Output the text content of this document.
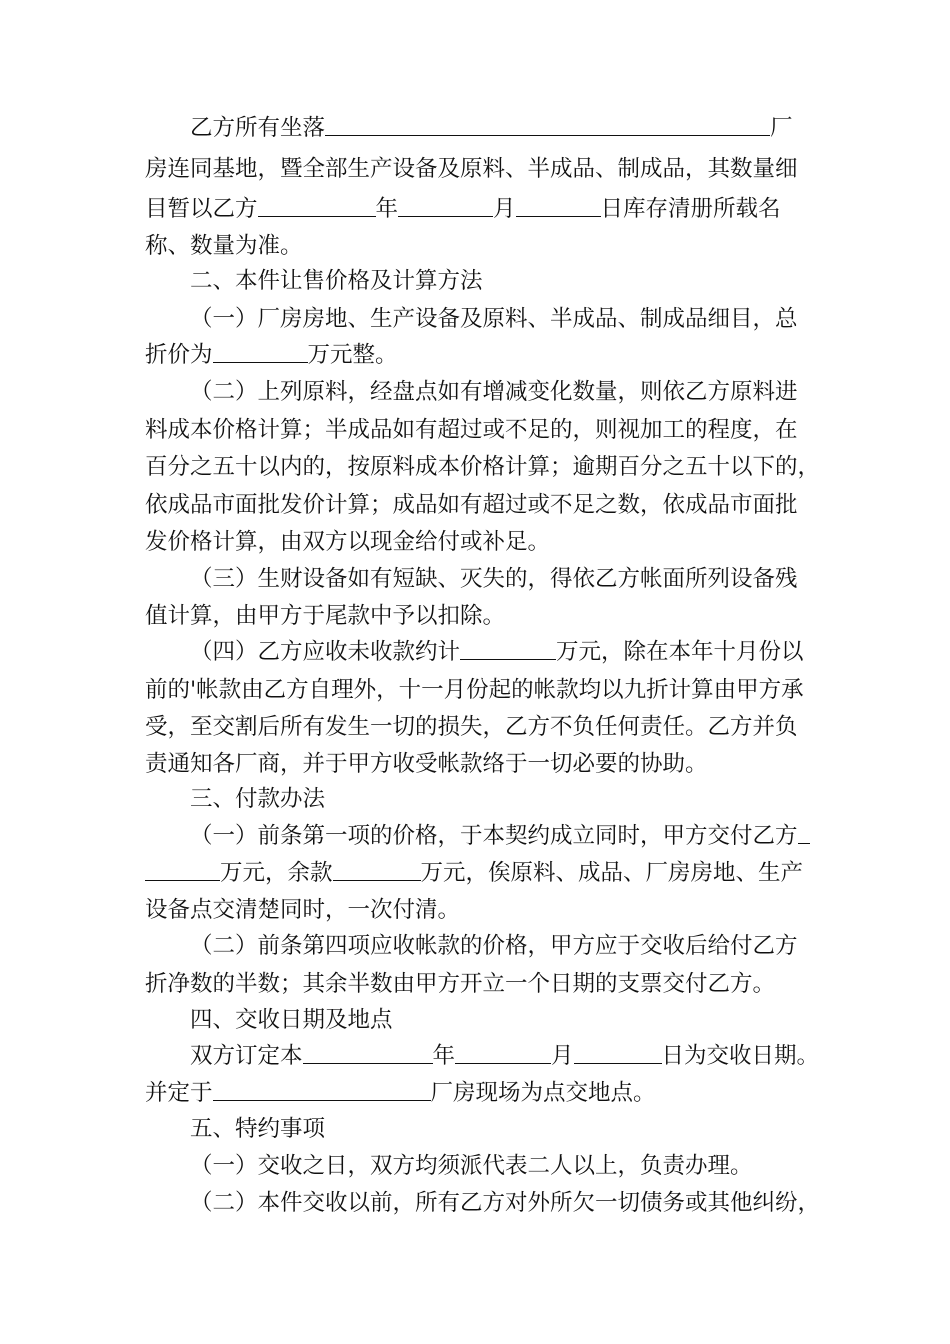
乙方所有坐落	厂
房连同基地，暨全部生产设备及原料、半成品、制成品，其数量细
目暂以乙方	年	月	日库存清册所载名
称、数量为准。
二、本件让售价格及计算方法
（一）厂房房地、生产设备及原料、半成品、制成品细目，总
折价为	万元整。
（二）上列原料，经盘点如有增减变化数量，则依乙方原料进
料成本价格计算；半成品如有超过或不足的，则视加工的程度，在
百分之五十以内的，按原料成本价格计算；逾期百分之五十以下的，
依成品市面批发价计算；成品如有超过或不足之数，依成品市面批
发价格计算，由双方以现金给付或补足。
（三）生财设备如有短缺、灭失的，得依乙方帐面所列设备残
值计算，由甲方于尾款中予以扣除。
（四）乙方应收未收款约计	万元，除在本年十月份以
前的'帐款由乙方自理外，十一月份起的帐款均以九折计算由甲方承
受，至交割后所有发生一切的损失，乙方不负任何责任。乙方并负
责通知各厂商，并于甲方收受帐款络于一切必要的协助。
三、付款办法
（一）前条第一项的价格，于本契约成立同时，甲方交付乙方
万元，余款	万元，俟原料、成品、厂房房地、生产
设备点交清楚同时，一次付清。
（二）前条第四项应收帐款的价格，甲方应于交收后给付乙方
折净数的半数；其余半数由甲方开立一个日期的支票交付乙方。
四、交收日期及地点
双方订定本	年	月	日为交收日期。
并定于	厂房现场为点交地点。
五、特约事项
（一）交收之日，双方均须派代表二人以上，负责办理。
（二）本件交收以前，所有乙方对外所欠一切债务或其他纠纷，
